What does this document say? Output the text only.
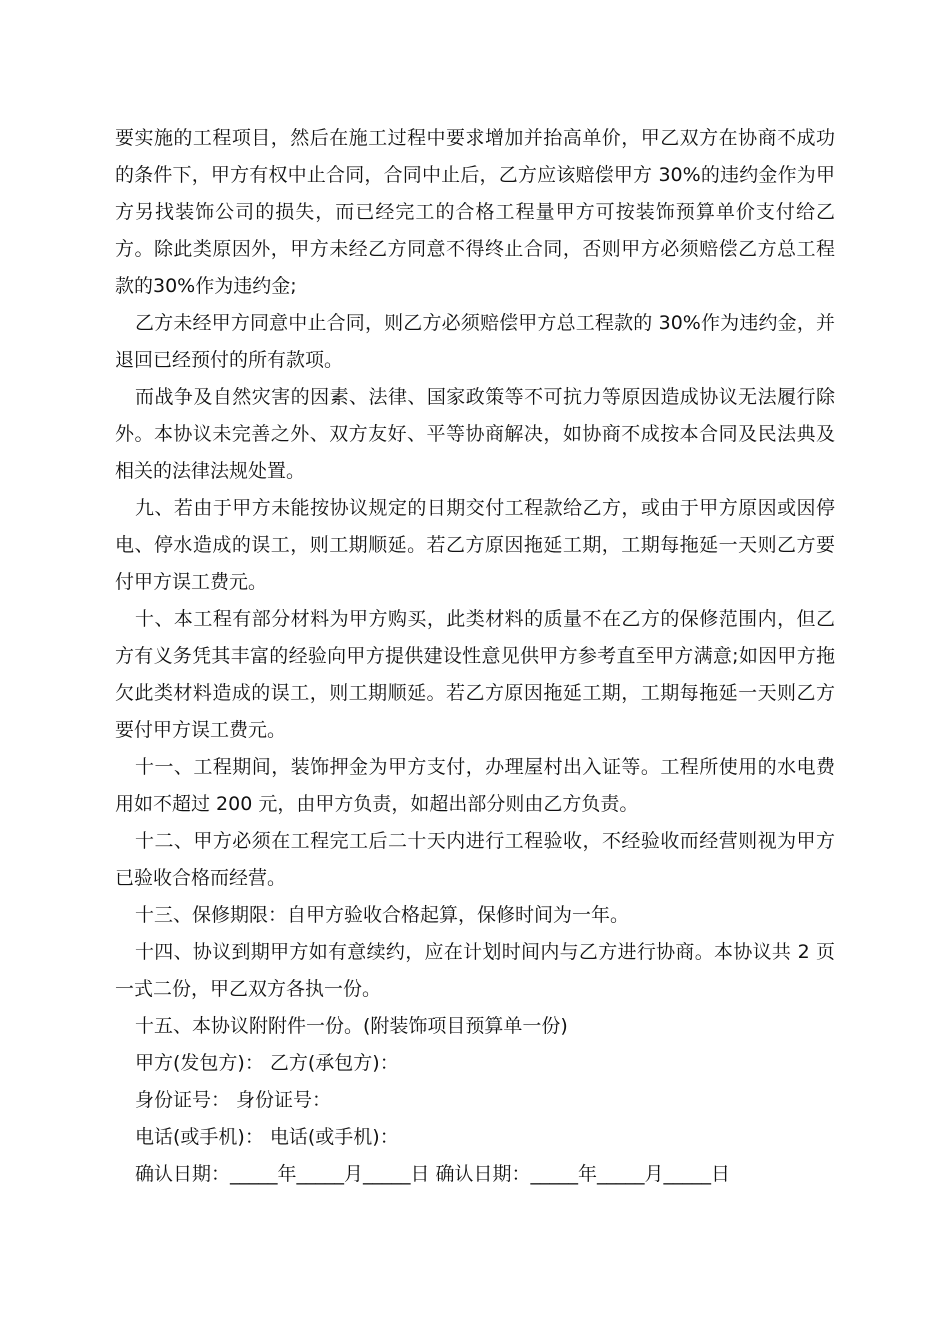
要实施的工程项目，然后在施工过程中要求增加并抬高单价，甲乙双方在协商不成功的条件下，甲方有权中止合同，合同中止后，乙方应该赔偿甲方 30%的违约金作为甲方另找装饰公司的损失，而已经完工的合格工程量甲方可按装饰预算单价支付给乙方。除此类原因外，甲方未经乙方同意不得终止合同，否则甲方必须赔偿乙方总工程款的30%作为违约金;

乙方未经甲方同意中止合同，则乙方必须赔偿甲方总工程款的 30%作为违约金，并退回已经预付的所有款项。

而战争及自然灾害的因素、法律、国家政策等不可抗力等原因造成协议无法履行除外。本协议未完善之外、双方友好、平等协商解决，如协商不成按本合同及民法典及相关的法律法规处置。

九、若由于甲方未能按协议规定的日期交付工程款给乙方，或由于甲方原因或因停电、停水造成的误工，则工期顺延。若乙方原因拖延工期，工期每拖延一天则乙方要付甲方误工费元。

十、本工程有部分材料为甲方购买，此类材料的质量不在乙方的保修范围内，但乙方有义务凭其丰富的经验向甲方提供建设性意见供甲方参考直至甲方满意;如因甲方拖欠此类材料造成的误工，则工期顺延。若乙方原因拖延工期，工期每拖延一天则乙方要付甲方误工费元。

十一、工程期间，装饰押金为甲方支付，办理屋村出入证等。工程所使用的水电费用如不超过 200 元，由甲方负责，如超出部分则由乙方负责。

十二、甲方必须在工程完工后二十天内进行工程验收，不经验收而经营则视为甲方已验收合格而经营。

十三、保修期限：自甲方验收合格起算，保修时间为一年。

十四、协议到期甲方如有意续约，应在计划时间内与乙方进行协商。本协议共 2 页一式二份，甲乙双方各执一份。

十五、本协议附附件一份。(附装饰项目预算单一份)

甲方(发包方)： 乙方(承包方)：

身份证号： 身份证号：

电话(或手机)： 电话(或手机)：

确认日期：_____年_____月_____日 确认日期：_____年_____月_____日
